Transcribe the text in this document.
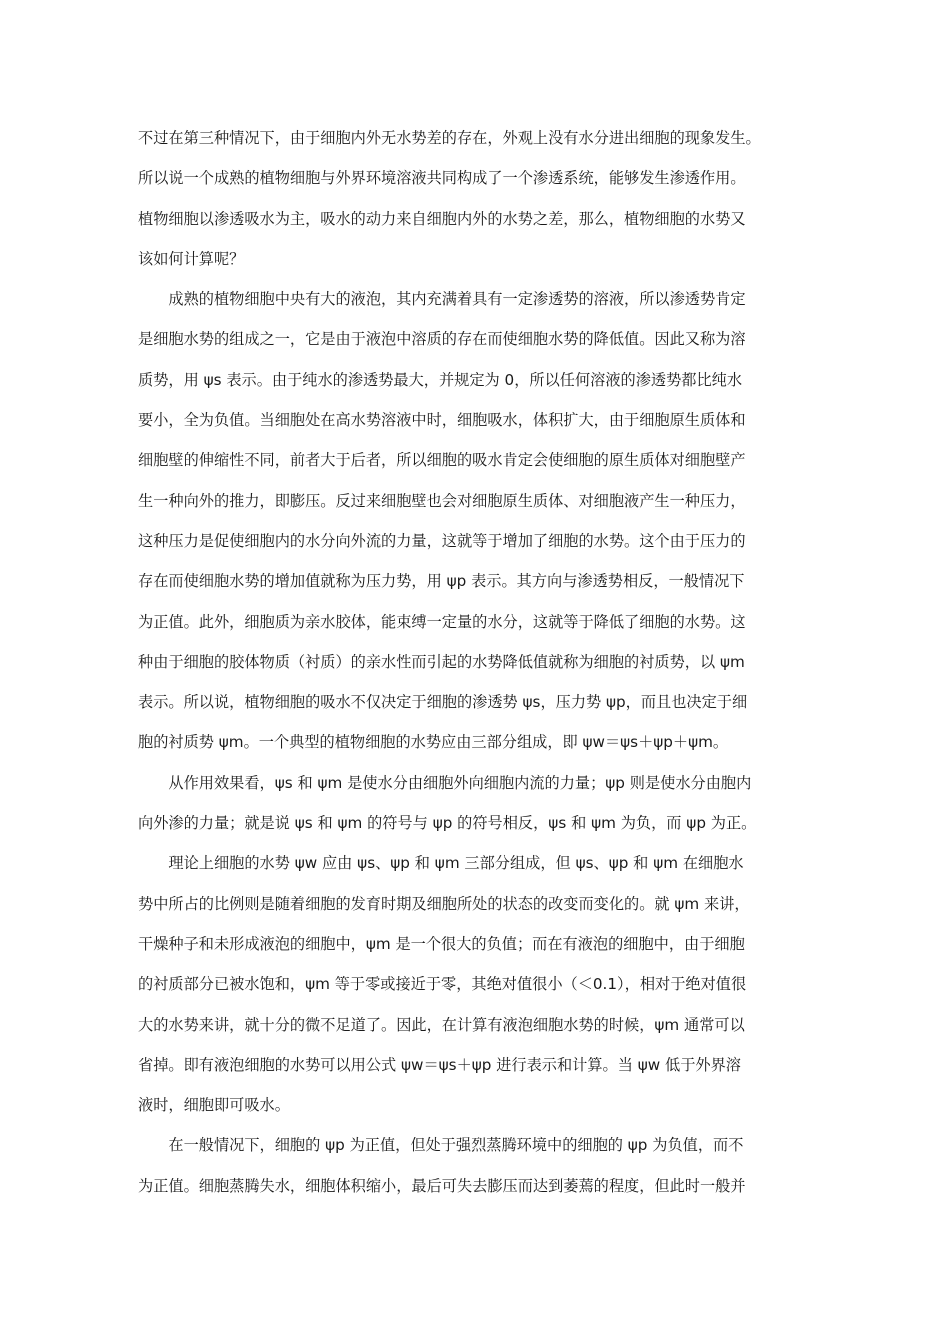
不过在第三种情况下，由于细胞内外无水势差的存在，外观上没有水分进出细胞的现象发生。
所以说一个成熟的植物细胞与外界环境溶液共同构成了一个渗透系统，能够发生渗透作用。
植物细胞以渗透吸水为主，吸水的动力来自细胞内外的水势之差，那么，植物细胞的水势又
该如何计算呢？
　　成熟的植物细胞中央有大的液泡，其内充满着具有一定渗透势的溶液，所以渗透势肯定
是细胞水势的组成之一，它是由于液泡中溶质的存在而使细胞水势的降低值。因此又称为溶
质势，用 ψs 表示。由于纯水的渗透势最大，并规定为 0，所以任何溶液的渗透势都比纯水
要小，全为负值。当细胞处在高水势溶液中时，细胞吸水，体积扩大，由于细胞原生质体和
细胞壁的伸缩性不同，前者大于后者，所以细胞的吸水肯定会使细胞的原生质体对细胞壁产
生一种向外的推力，即膨压。反过来细胞壁也会对细胞原生质体、对细胞液产生一种压力，
这种压力是促使细胞内的水分向外流的力量，这就等于增加了细胞的水势。这个由于压力的
存在而使细胞水势的增加值就称为压力势，用 ψp 表示。其方向与渗透势相反，一般情况下
为正值。此外，细胞质为亲水胶体，能束缚一定量的水分，这就等于降低了细胞的水势。这
种由于细胞的胶体物质（衬质）的亲水性而引起的水势降低值就称为细胞的衬质势，以 ψm
表示。所以说，植物细胞的吸水不仅决定于细胞的渗透势 ψs，压力势 ψp，而且也决定于细
胞的衬质势 ψm。一个典型的植物细胞的水势应由三部分组成，即 ψw＝ψs＋ψp＋ψm。
　　从作用效果看，ψs 和 ψm 是使水分由细胞外向细胞内流的力量；ψp 则是使水分由胞内
向外渗的力量；就是说 ψs 和 ψm 的符号与 ψp 的符号相反，ψs 和 ψm 为负，而 ψp 为正。
　　理论上细胞的水势 ψw 应由 ψs、ψp 和 ψm 三部分组成，但 ψs、ψp 和 ψm 在细胞水
势中所占的比例则是随着细胞的发育时期及细胞所处的状态的改变而变化的。就 ψm 来讲，
干燥种子和未形成液泡的细胞中，ψm 是一个很大的负值；而在有液泡的细胞中，由于细胞
的衬质部分已被水饱和，ψm 等于零或接近于零，其绝对值很小（＜0.1），相对于绝对值很
大的水势来讲，就十分的微不足道了。因此，在计算有液泡细胞水势的时候，ψm 通常可以
省掉。即有液泡细胞的水势可以用公式 ψw＝ψs＋ψp 进行表示和计算。当 ψw 低于外界溶
液时，细胞即可吸水。
　　在一般情况下，细胞的 ψp 为正值，但处于强烈蒸腾环境中的细胞的 ψp 为负值，而不
为正值。细胞蒸腾失水，细胞体积缩小，最后可失去膨压而达到萎蔫的程度，但此时一般并
